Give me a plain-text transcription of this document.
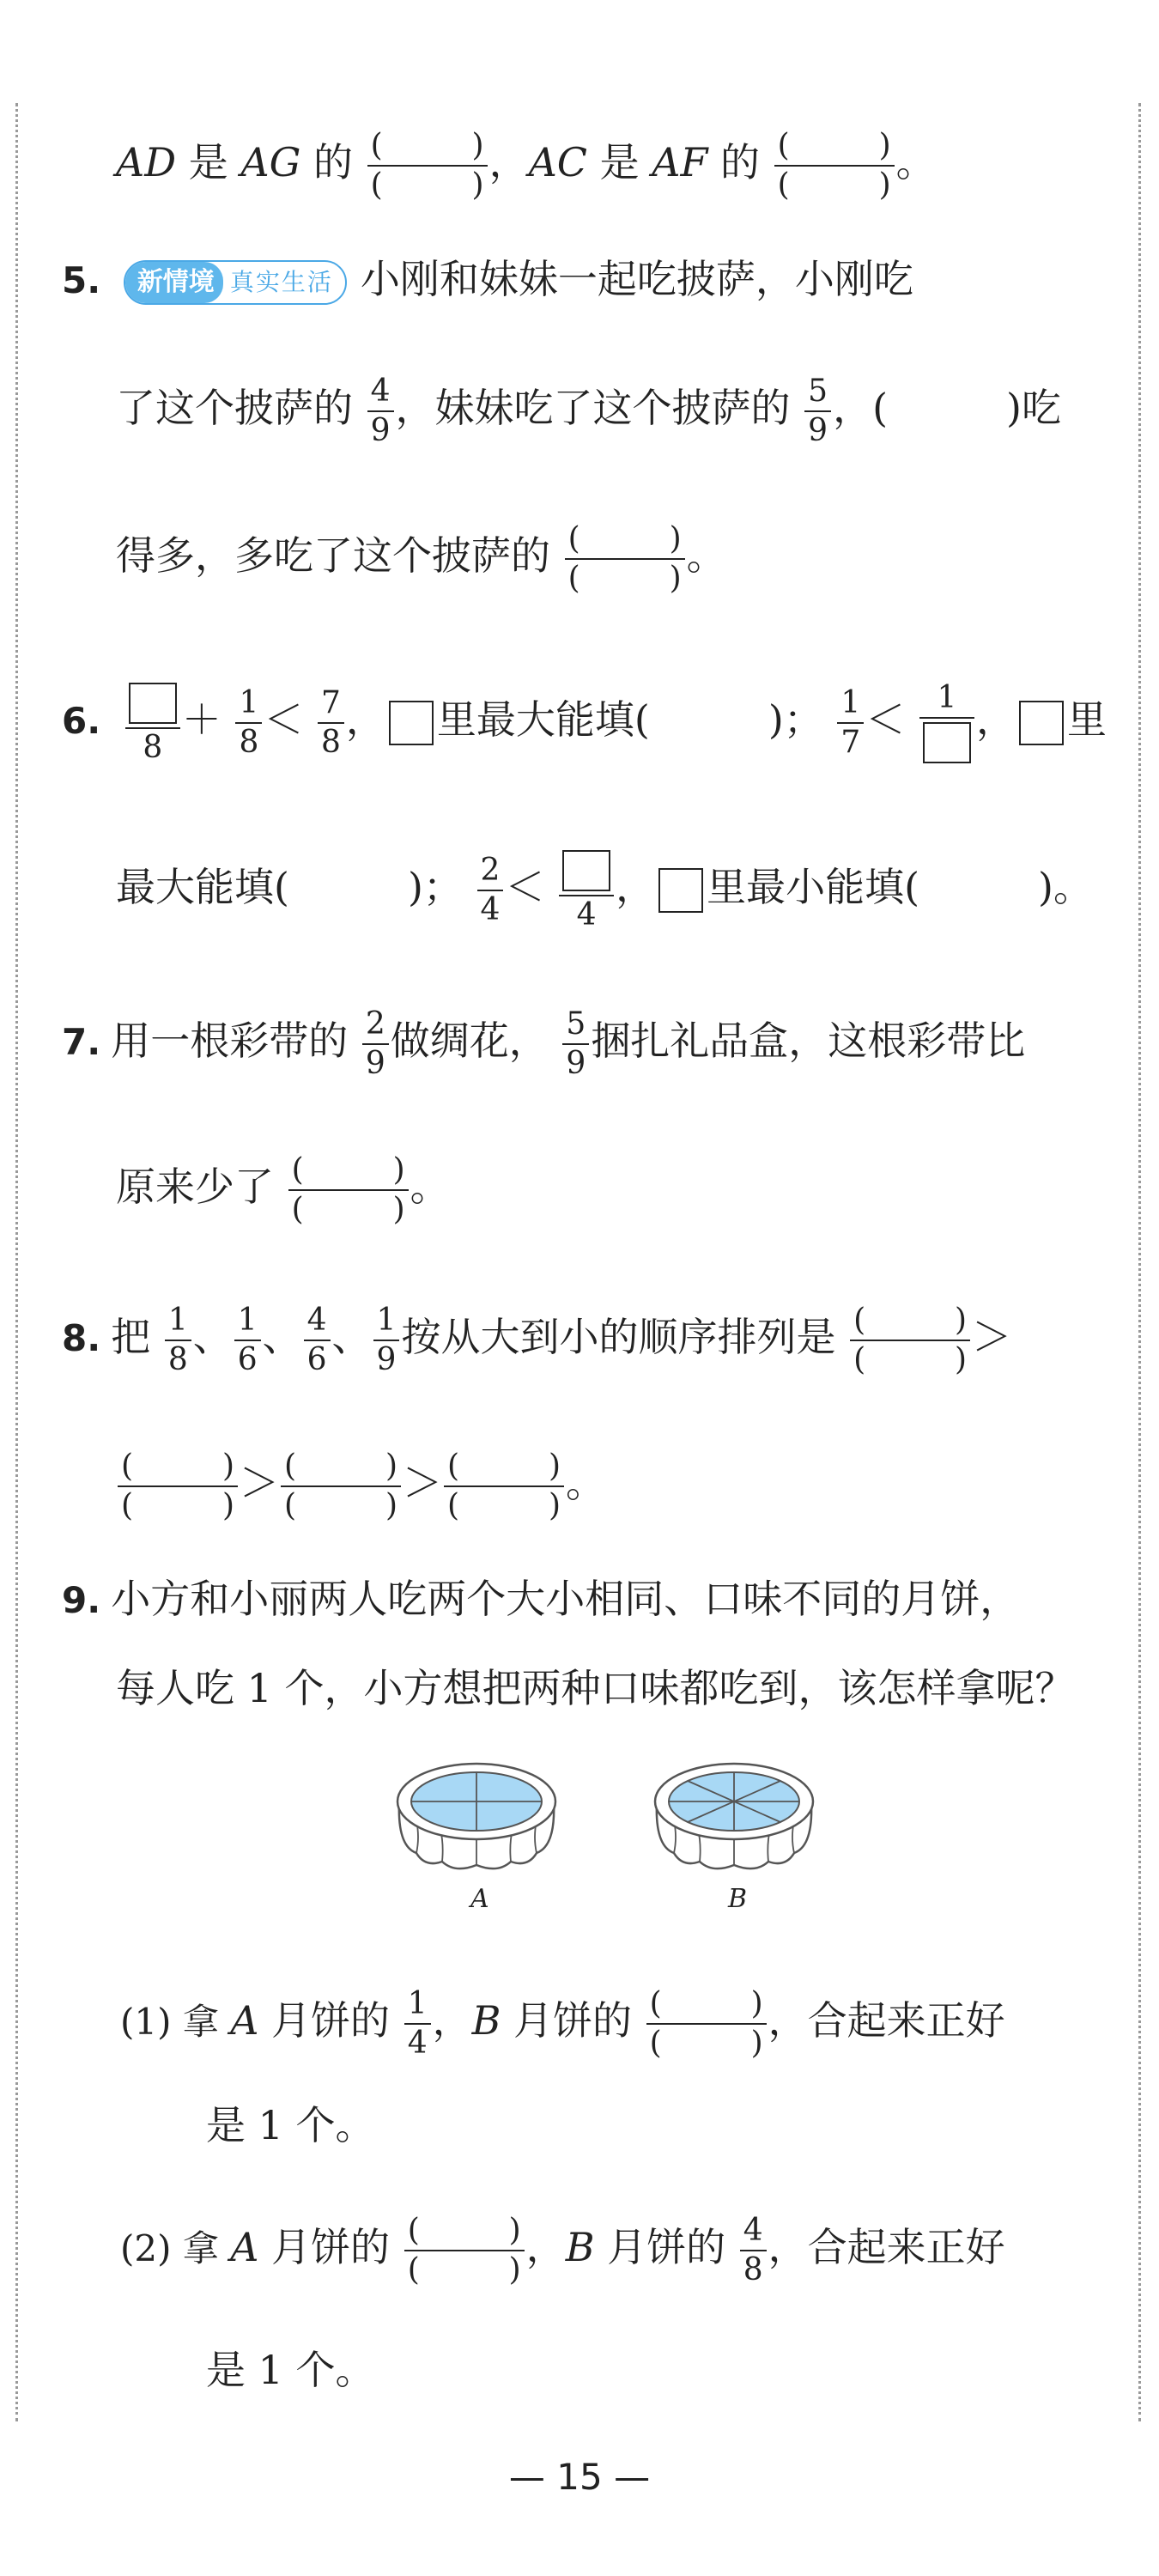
AD 是 AG 的 (	)
(	) ，AC 是 AF 的 (	)
(	) 。
5.	新情境 真实生活 小刚和妹妹一起吃披萨，小刚吃
了这个披萨的 $\frac{4}{9}$ ，妹妹吃了这个披萨的 $\frac{5}{9}$ ，(　　　)吃
得多，多吃了这个披萨的 (	)
(	) 。
6.
8
＋ $\frac{1}{8} < \frac{7}{8}$ ， 里最大能填(　　　)； $\frac{1}{7} < 1$ ， 里
最大能填(　　　)； $\frac{2}{4}$ ＜
4
， 里最小能填(　　　)。
7. 用一根彩带的 $\frac{2}{9}$ 做绸花， $\frac{5}{9}$ 捆扎礼品盒，这根彩带比
原来少了 (	)
(	) 。
8. 把 $\frac{1}{8}$ 、 $\frac{1}{6}$ 、 $\frac{4}{6}$ 、 $\frac{1}{9}$ 按从大到小的顺序排列是 (	)
(	) ＞
(	)
(	) ＞ (	)
(	) ＞ (	)
(	) 。
9. 小方和小丽两人吃两个大小相同、口味不同的月饼，
每人吃 1 个，小方想把两种口味都吃到，该怎样拿呢？
A	B
(1) 拿 A 月饼的 $\frac{1}{4}$ ，B 月饼的 (	)
(	) ，合起来正好
是 1 个。
(2) 拿 A 月饼的 (	)
(	) ，B 月饼的 $\frac{4}{8}$ ，合起来正好
是 1 个。
— 15 —
